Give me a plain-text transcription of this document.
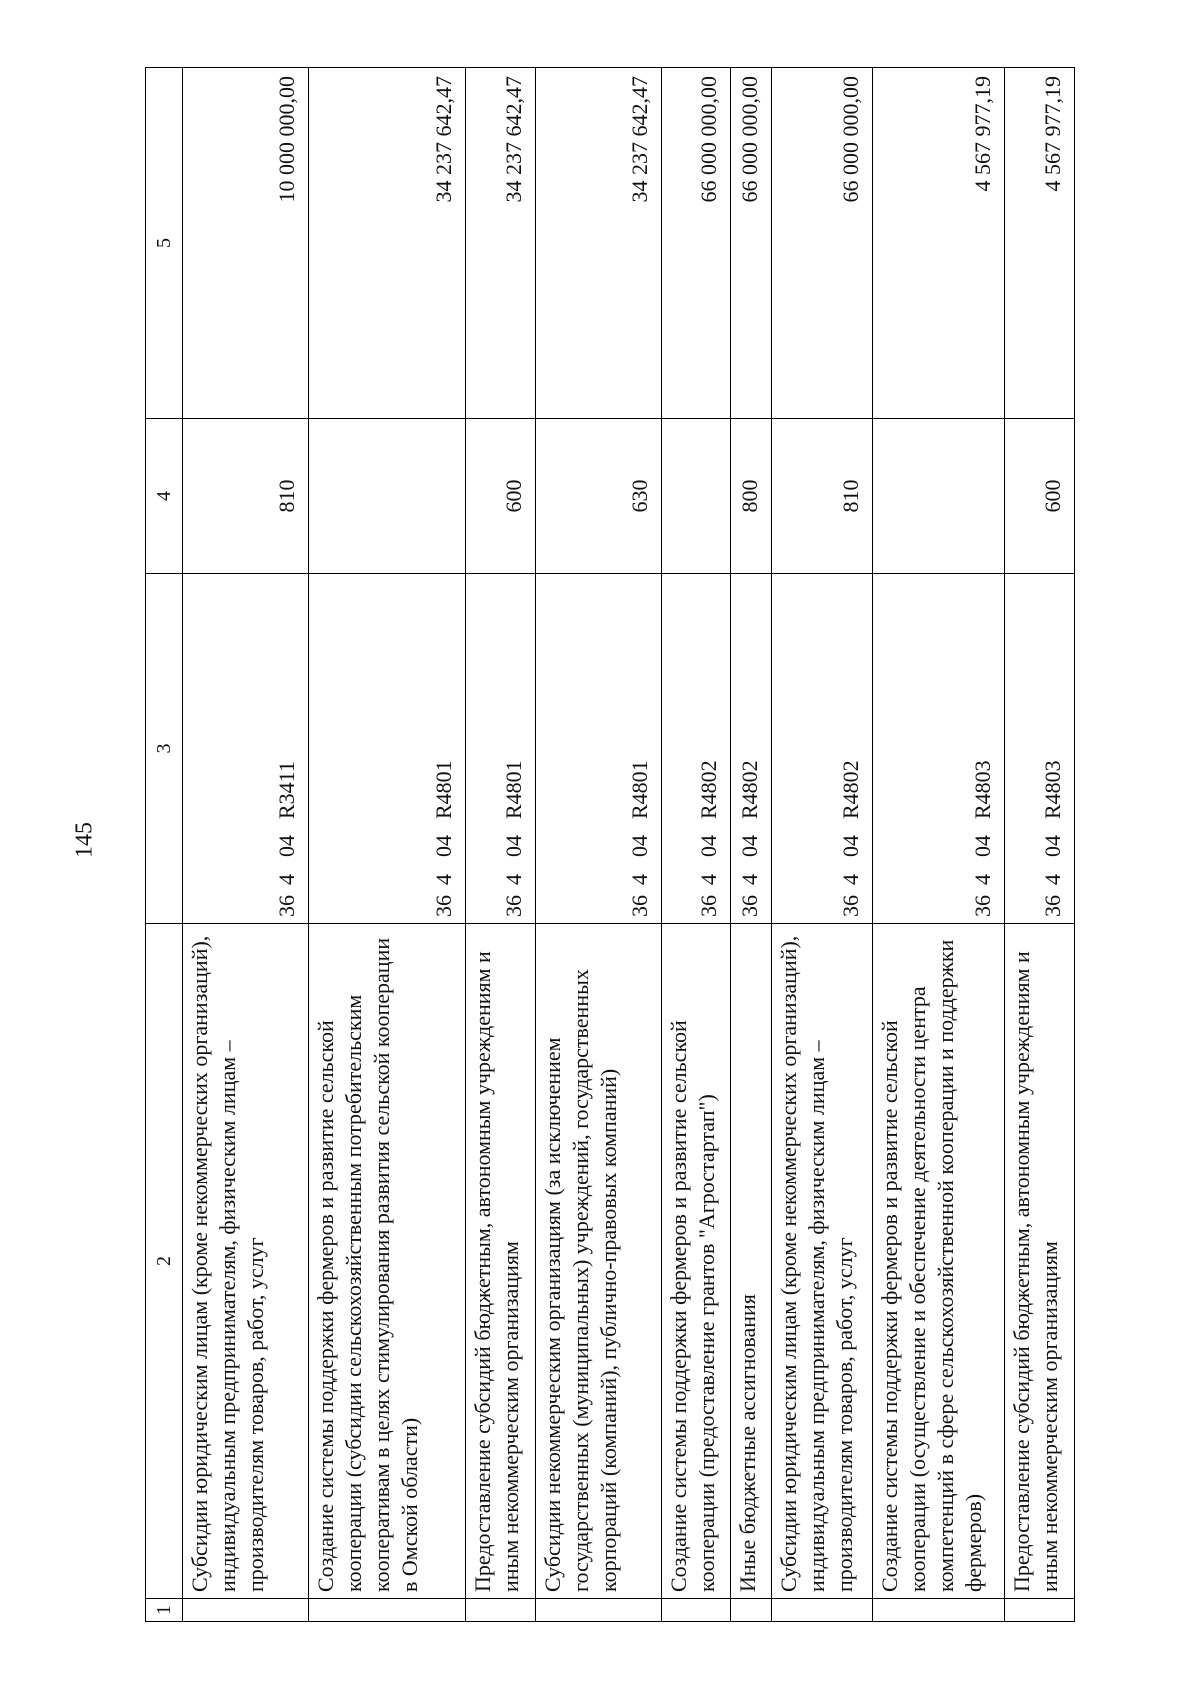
145
1	2	3	4	5
	Субсидии юридическим лицам (кроме некоммерческих организаций), индивидуальным предпринимателям, физическим лицам – производителям товаров, работ, услуг	36404R3411	810	10 000 000,00
	Создание системы поддержки фермеров и развитие сельской кооперации (субсидии сельскохозяйственным потребительским кооперативам в целях стимулирования развития сельской кооперации в Омской области)	36404R4801		34 237 642,47
	Предоставление субсидий бюджетным, автономным учреждениям и иным некоммерческим организациям	36404R4801	600	34 237 642,47
	Субсидии некоммерческим организациям (за исключением государственных (муниципальных) учреждений, государственных корпораций (компаний), публично-правовых компаний)	36404R4801	630	34 237 642,47
	Создание системы поддержки фермеров и развитие сельской кооперации (предоставление грантов "Агростартап")	36404R4802		66 000 000,00
	Иные бюджетные ассигнования	36404R4802	800	66 000 000,00
	Субсидии юридическим лицам (кроме некоммерческих организаций), индивидуальным предпринимателям, физическим лицам – производителям товаров, работ, услуг	36404R4802	810	66 000 000,00
	Создание системы поддержки фермеров и развитие сельской кооперации (осуществление и обеспечение деятельности центра компетенций в сфере сельскохозяйственной кооперации и поддержки фермеров)	36404R4803		4 567 977,19
	Предоставление субсидий бюджетным, автономным учреждениям и иным некоммерческим организациям	36404R4803	600	4 567 977,19
